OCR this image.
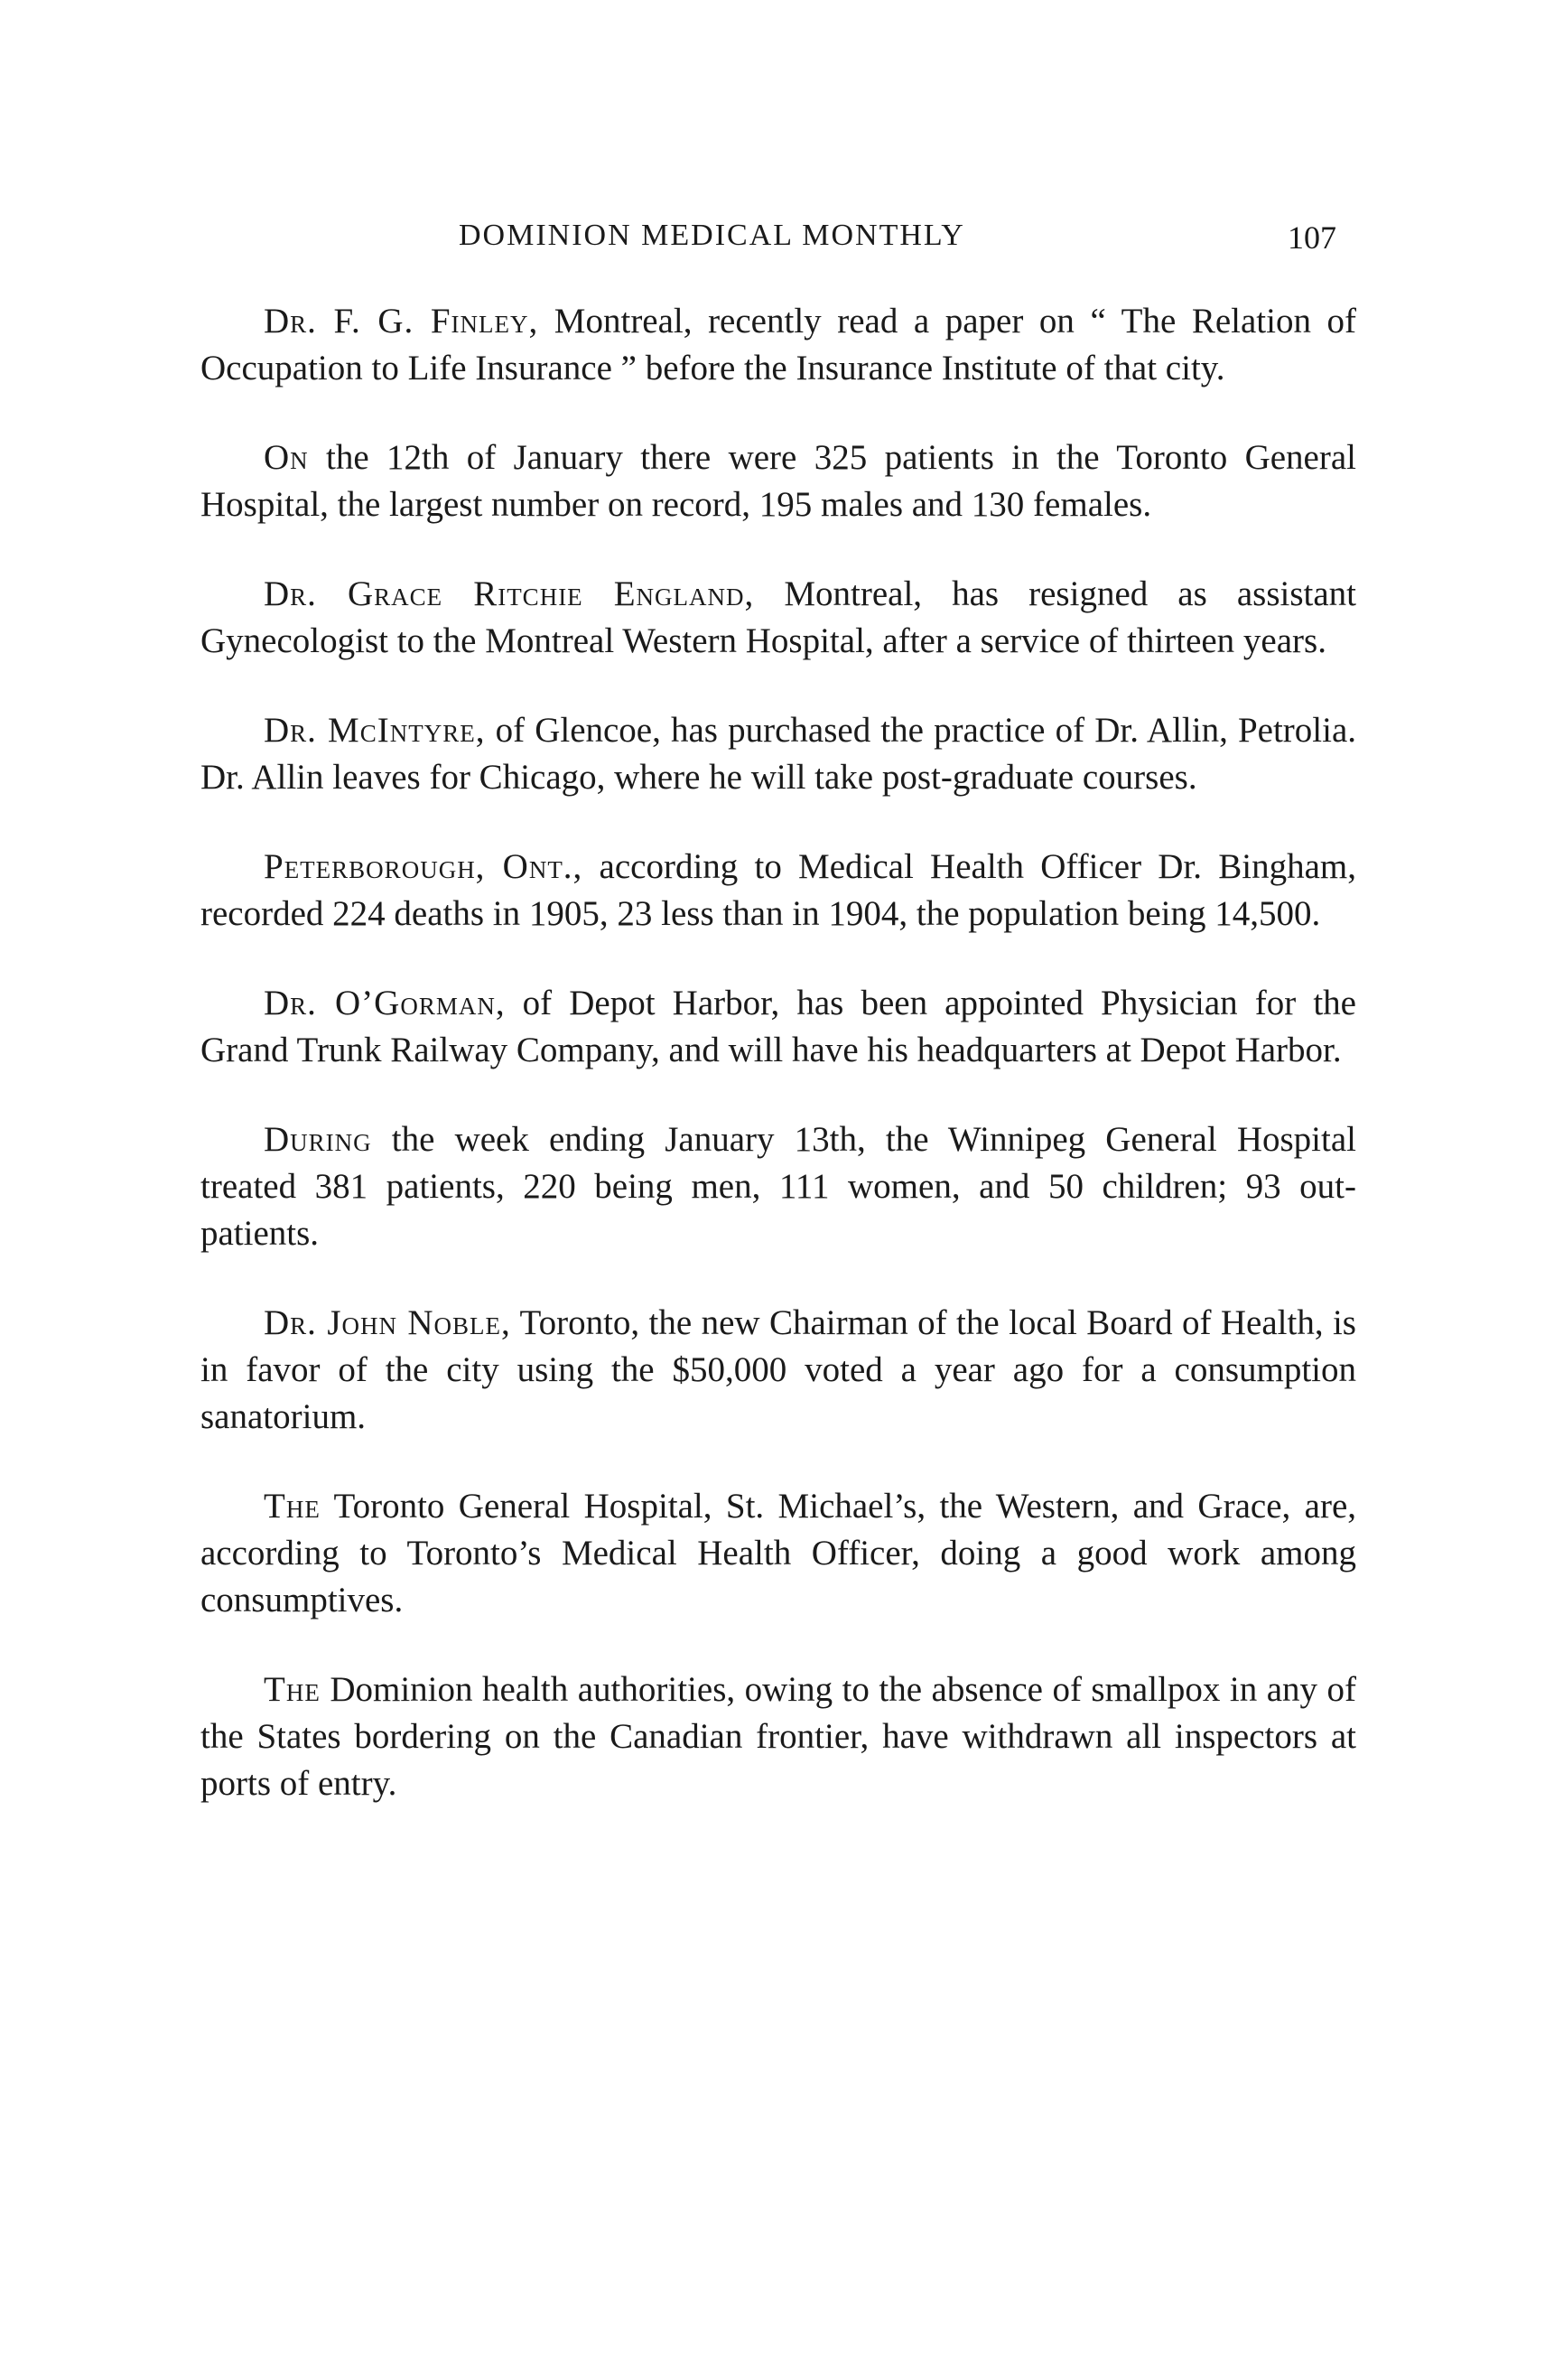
DOMINION MEDICAL MONTHLY	107

Dr. F. G. Finley, Montreal, recently read a paper on “ The Relation of Occupation to Life Insurance ” before the Insurance Institute of that city.

On the 12th of January there were 325 patients in the Toronto General Hospital, the largest number on record, 195 males and 130 females.

Dr. Grace Ritchie England, Montreal, has resigned as assistant Gynecologist to the Montreal Western Hospital, after a service of thirteen years.

Dr. McIntyre, of Glencoe, has purchased the practice of Dr. Allin, Petrolia. Dr. Allin leaves for Chicago, where he will take post-graduate courses.

Peterborough, Ont., according to Medical Health Officer Dr. Bingham, recorded 224 deaths in 1905, 23 less than in 1904, the population being 14,500.

Dr. O’Gorman, of Depot Harbor, has been appointed Physician for the Grand Trunk Railway Company, and will have his headquarters at Depot Harbor.

During the week ending January 13th, the Winnipeg General Hospital treated 381 patients, 220 being men, 111 women, and 50 children; 93 out-patients.

Dr. John Noble, Toronto, the new Chairman of the local Board of Health, is in favor of the city using the $50,000 voted a year ago for a consumption sanatorium.

The Toronto General Hospital, St. Michael’s, the Western, and Grace, are, according to Toronto’s Medical Health Officer, doing a good work among consumptives.

The Dominion health authorities, owing to the absence of smallpox in any of the States bordering on the Canadian frontier, have withdrawn all inspectors at ports of entry.
